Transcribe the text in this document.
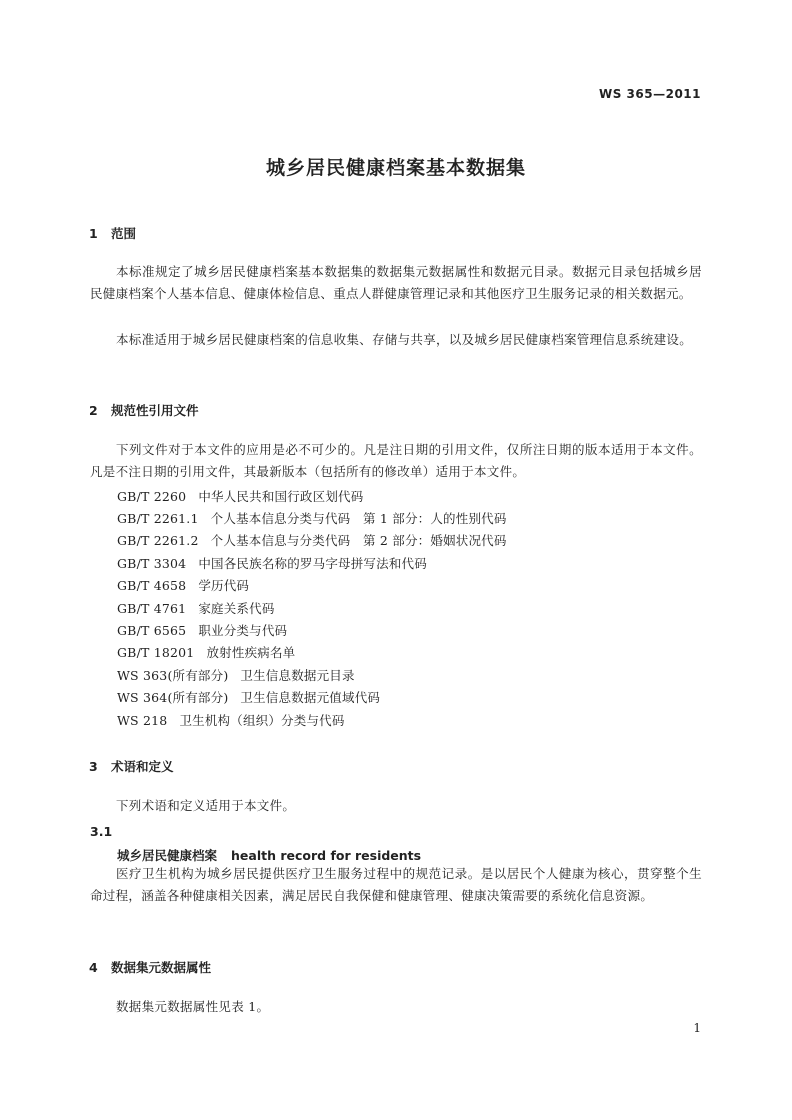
WS 365—2011
城乡居民健康档案基本数据集
1 范围
本标准规定了城乡居民健康档案基本数据集的数据集元数据属性和数据元目录。数据元目录包括城乡居民健康档案个人基本信息、健康体检信息、重点人群健康管理记录和其他医疗卫生服务记录的相关数据元。
本标准适用于城乡居民健康档案的信息收集、存储与共享，以及城乡居民健康档案管理信息系统建设。
2 规范性引用文件
下列文件对于本文件的应用是必不可少的。凡是注日期的引用文件，仅所注日期的版本适用于本文件。凡是不注日期的引用文件，其最新版本（包括所有的修改单）适用于本文件。
GB/T 2260 中华人民共和国行政区划代码
GB/T 2261.1 个人基本信息分类与代码　第 1 部分：人的性别代码
GB/T 2261.2 个人基本信息与分类代码　第 2 部分：婚姻状况代码
GB/T 3304 中国各民族名称的罗马字母拼写法和代码
GB/T 4658 学历代码
GB/T 4761 家庭关系代码
GB/T 6565 职业分类与代码
GB/T 18201 放射性疾病名单
WS 363(所有部分) 卫生信息数据元目录
WS 364(所有部分) 卫生信息数据元值域代码
WS 218 卫生机构（组织）分类与代码
3 术语和定义
下列术语和定义适用于本文件。
3.1
城乡居民健康档案 health record for residents
医疗卫生机构为城乡居民提供医疗卫生服务过程中的规范记录。是以居民个人健康为核心，贯穿整个生命过程，涵盖各种健康相关因素，满足居民自我保健和健康管理、健康决策需要的系统化信息资源。
4 数据集元数据属性
数据集元数据属性见表 1。
1
